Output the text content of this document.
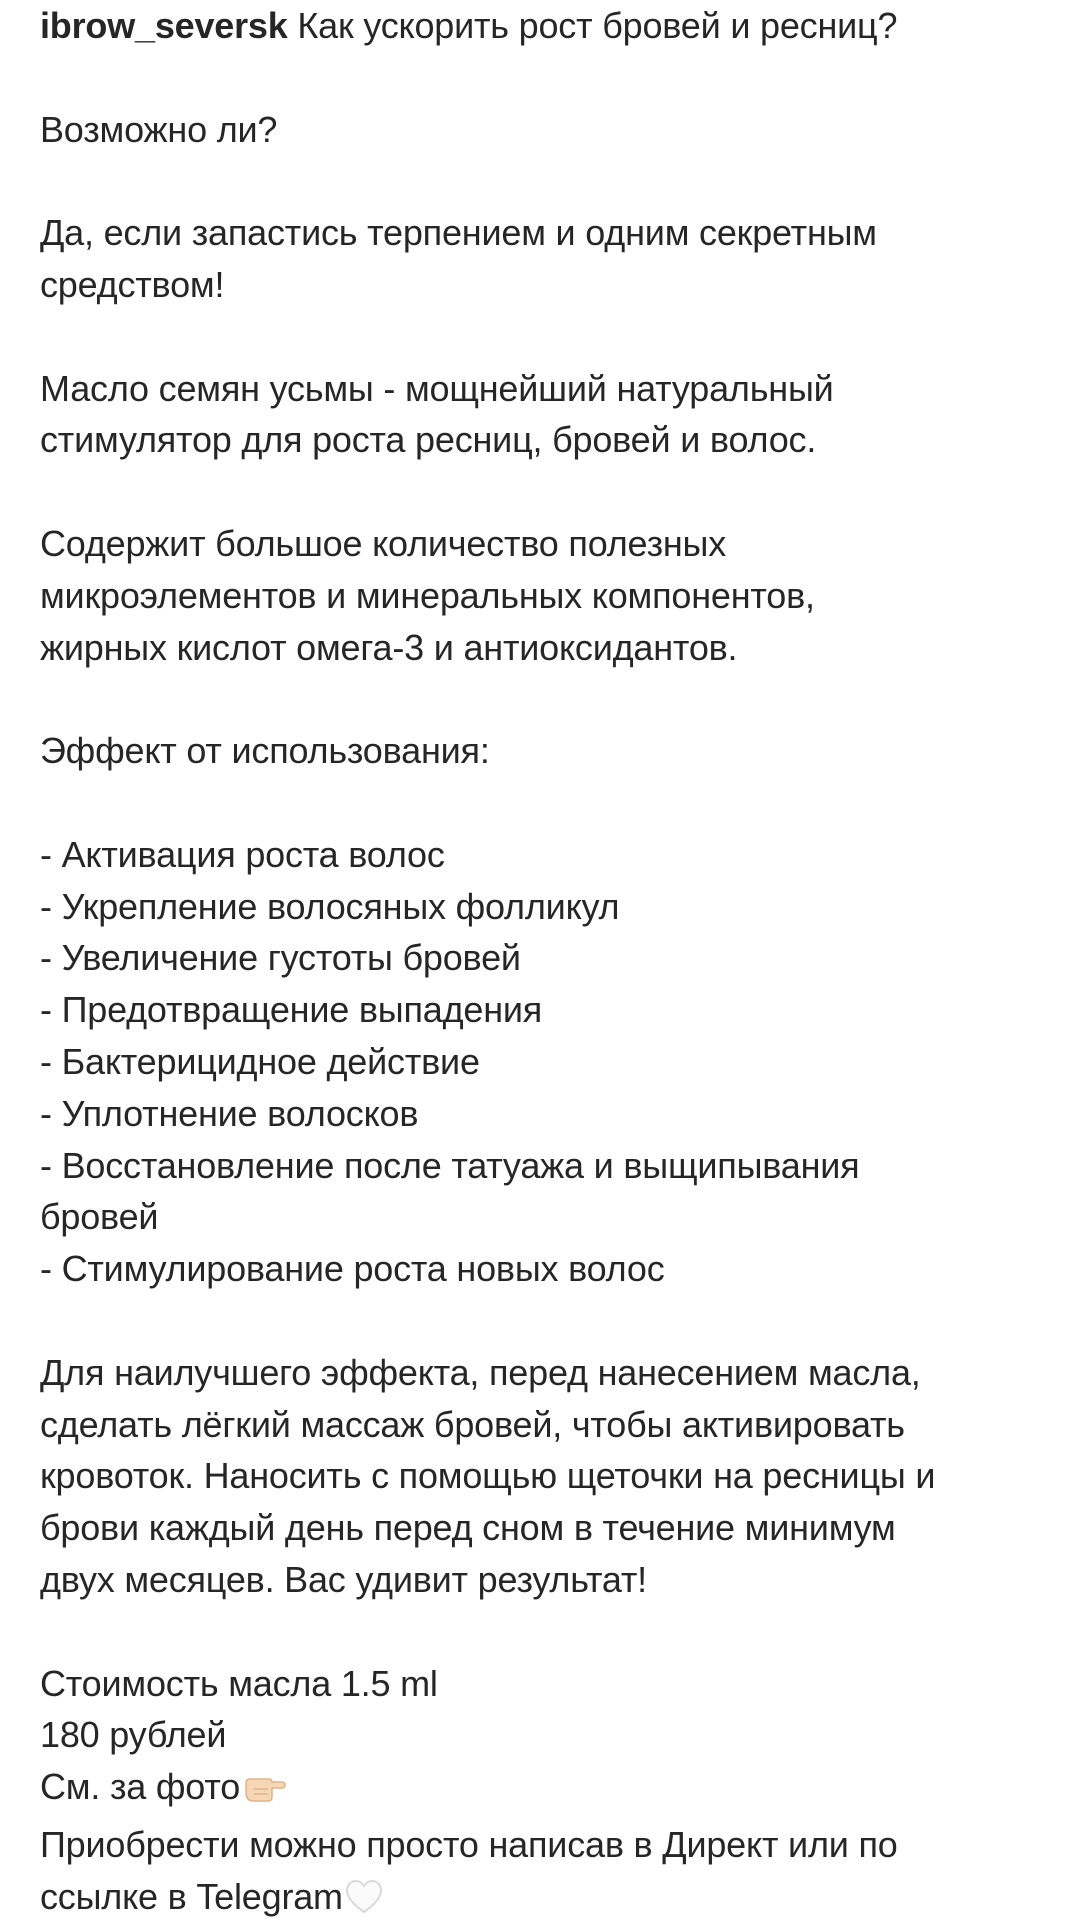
ibrow_seversk Как ускорить рост бровей и ресниц?
Возможно ли?
Да, если запастись терпением и одним секретным
средством!
Масло семян усьмы - мощнейший натуральный
стимулятор для роста ресниц, бровей и волос.
Содержит большое количество полезных
микроэлементов и минеральных компонентов,
жирных кислот омега-3 и антиоксидантов.
Эффект от использования:
- Активация роста волос
- Укрепление волосяных фолликул
- Увеличение густоты бровей
- Предотвращение выпадения
- Бактерицидное действие
- Уплотнение волосков
- Восстановление после татуажа и выщипывания
бровей
- Стимулирование роста новых волос
Для наилучшего эффекта, перед нанесением масла,
сделать лёгкий массаж бровей, чтобы активировать
кровоток. Наносить с помощью щеточки на ресницы и
брови каждый день перед сном в течение минимум
двух месяцев. Вас удивит результат!
Стоимость масла 1.5 ml
180 рублей
См. за фото
Приобрести можно просто написав в Директ или по
ссылке в Telegram
